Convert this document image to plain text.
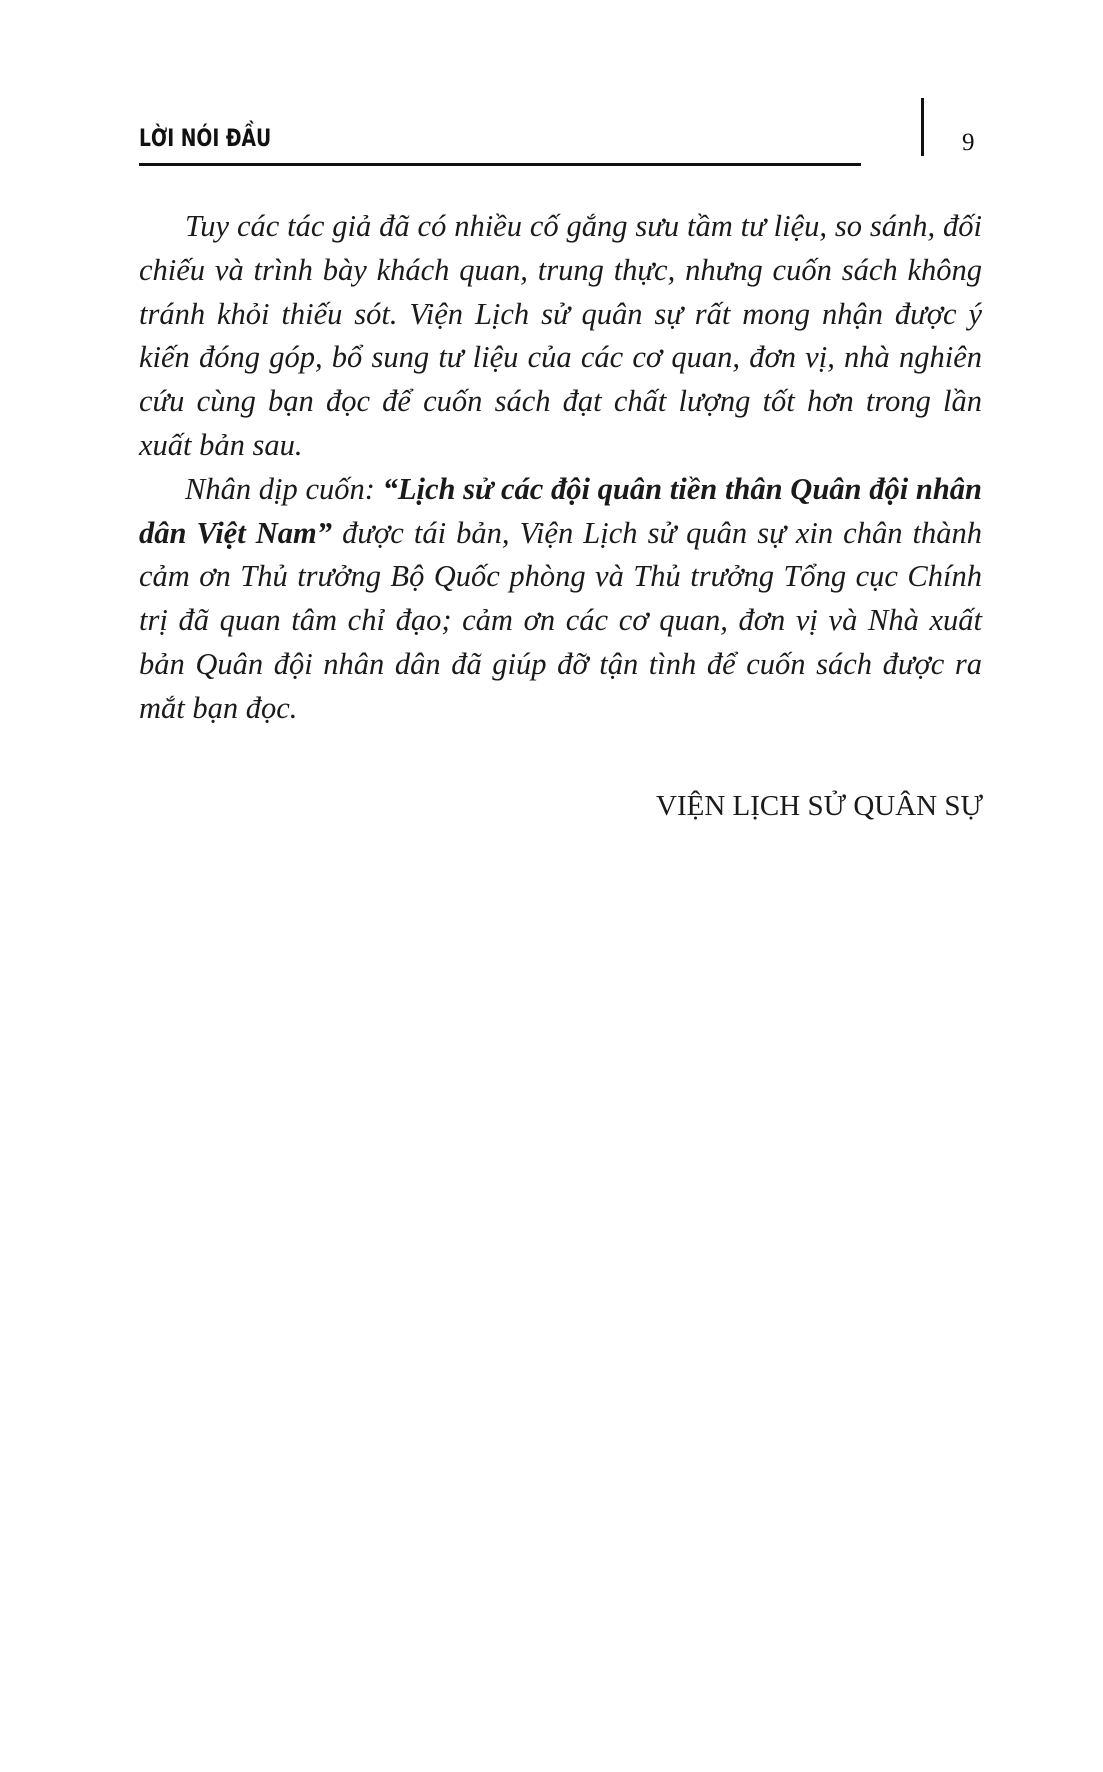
LỜI NÓI ĐẦU	9

Tuy các tác giả đã có nhiều cố gắng sưu tầm tư liệu, so sánh, đối chiếu và trình bày khách quan, trung thực, nhưng cuốn sách không tránh khỏi thiếu sót. Viện Lịch sử quân sự rất mong nhận được ý kiến đóng góp, bổ sung tư liệu của các cơ quan, đơn vị, nhà nghiên cứu cùng bạn đọc để cuốn sách đạt chất lượng tốt hơn trong lần xuất bản sau.

Nhân dịp cuốn: “Lịch sử các đội quân tiền thân Quân đội nhân dân Việt Nam” được tái bản, Viện Lịch sử quân sự xin chân thành cảm ơn Thủ trưởng Bộ Quốc phòng và Thủ trưởng Tổng cục Chính trị đã quan tâm chỉ đạo; cảm ơn các cơ quan, đơn vị và Nhà xuất bản Quân đội nhân dân đã giúp đỡ tận tình để cuốn sách được ra mắt bạn đọc.

VIỆN LỊCH SỬ QUÂN SỰ
